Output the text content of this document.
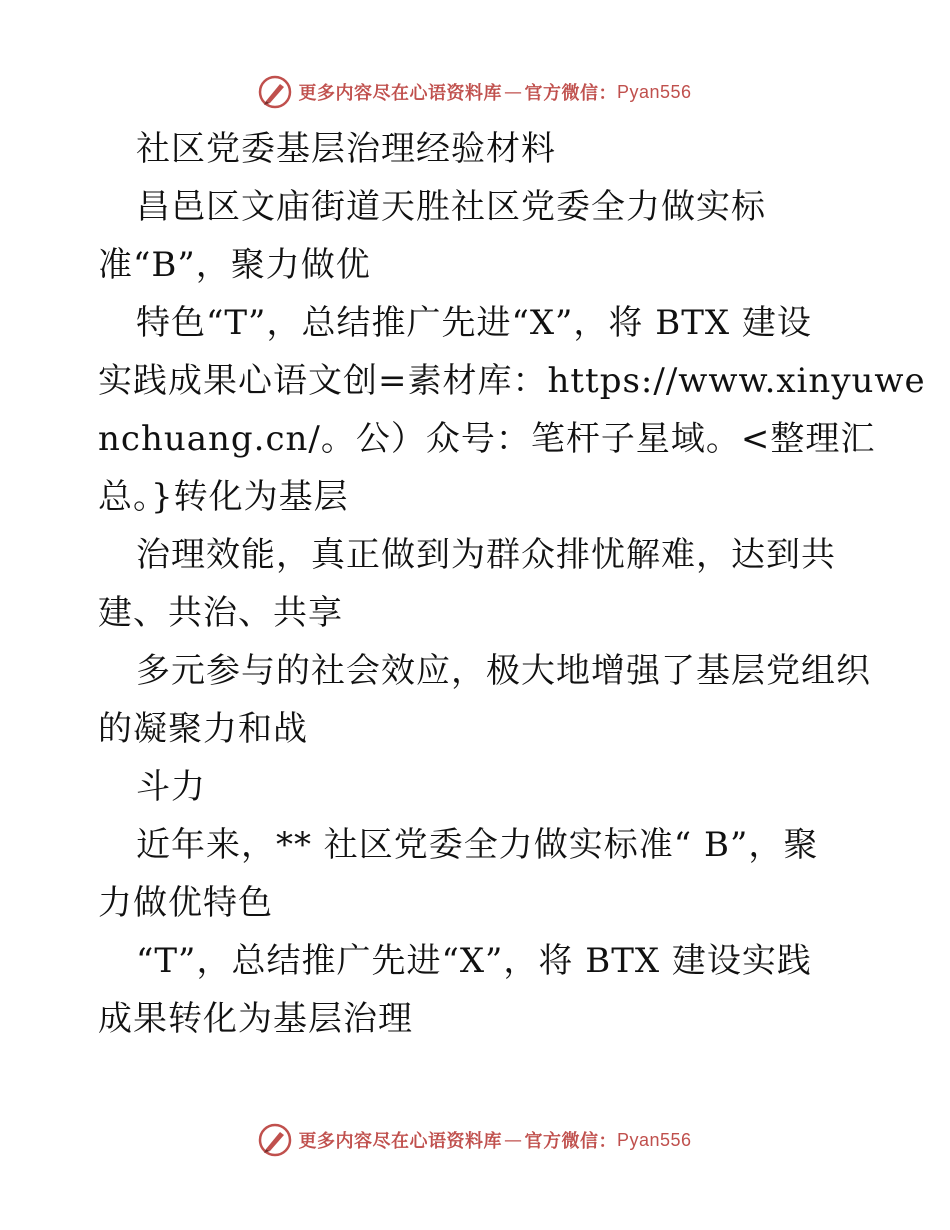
更多内容尽在心语资料库 — 官方微信： Pyan556
社区党委基层治理经验材料
昌邑区文庙街道天胜社区党委全力做实标
准“B”，聚力做优
特色“T”，总结推广先进“X”，将 BTX 建设
实践成果心语文创=素材库：https://www.xinyuwe
nchuang.cn/。公）众号：笔杆子星域。<整理汇
总。}转化为基层
治理效能，真正做到为群众排忧解难，达到共
建、共治、共享
多元参与的社会效应，极大地增强了基层党组织
的凝聚力和战
斗力
近年来，** 社区党委全力做实标准“ B”，聚
力做优特色
“T”，总结推广先进“X”，将 BTX 建设实践
成果转化为基层治理
更多内容尽在心语资料库 — 官方微信： Pyan556
